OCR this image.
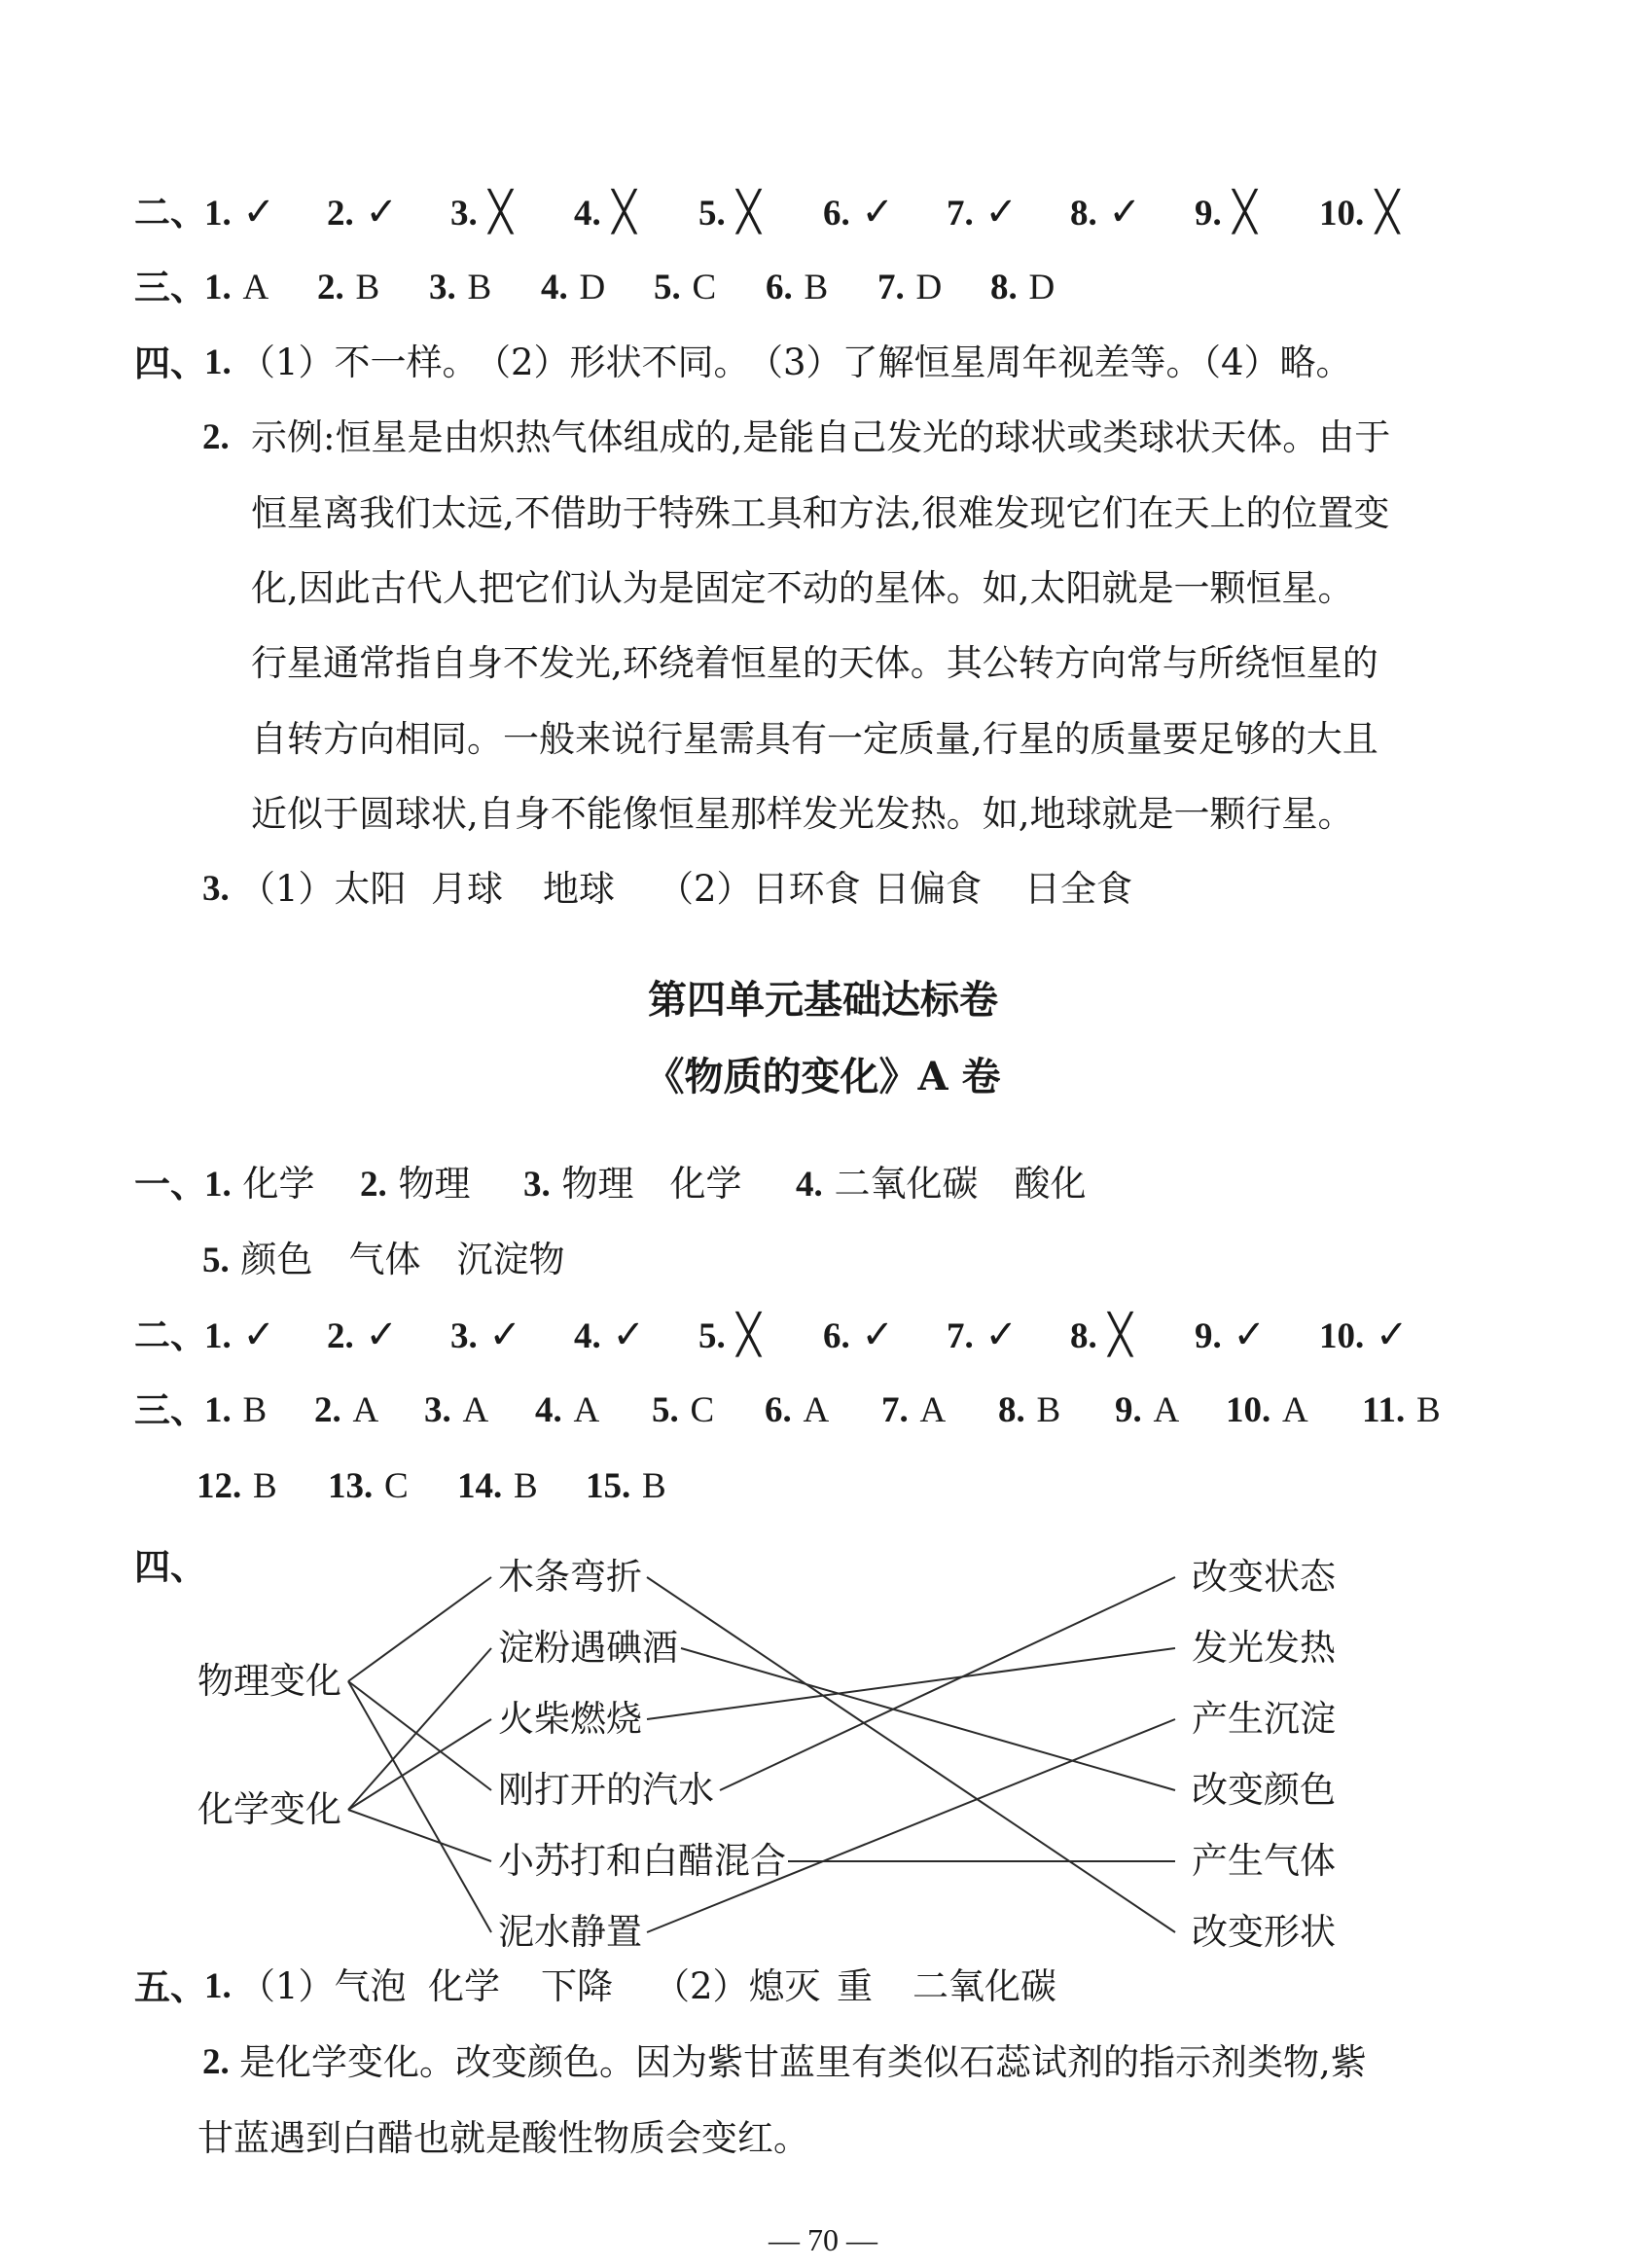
二、
1. ✓ 2. ✓ 3. ╳ 4. ╳ 5. ╳ 6. ✓ 7. ✓ 8. ✓ 9. ╳ 10. ╳
三、
1. A 2. B 3. B 4. D 5. C 6. B 7. D 8. D
四、
1. （1）不一样。
（2）形状不同。
（3）了解恒星周年视差等。
（4）略。
2. 示例:恒星是由炽热气体组成的,是能自己发光的球状或类球状天体。由于
恒星离我们太远,不借助于特殊工具和方法,很难发现它们在天上的位置变
化,因此古代人把它们认为是固定不动的星体。如,太阳就是一颗恒星。
行星通常指自身不发光,环绕着恒星的天体。其公转方向常与所绕恒星的
自转方向相同。一般来说行星需具有一定质量,行星的质量要足够的大且
近似于圆球状,自身不能像恒星那样发光发热。如,地球就是一颗行星。
3. （1）太阳 月球 地球 （2）日环食 日偏食 日全食
第四单元基础达标卷
《物质的变化》A 卷
一、
1. 化学 2. 物理 3. 物理　化学 4. 二氧化碳　酸化
5. 颜色　气体　沉淀物
二、
1. ✓ 2. ✓ 3. ✓ 4. ✓ 5. ╳ 6. ✓ 7. ✓ 8. ╳ 9. ✓ 10. ✓
三、
1. B 2. A 3. A 4. A 5. C 6. A 7. A 8. B 9. A 10. A 11. B
12. B 13. C 14. B 15. B
四、
物理变化
化学变化
木条弯折
淀粉遇碘酒
火柴燃烧
刚打开的汽水
小苏打和白醋混合
泥水静置
改变状态
发光发热
产生沉淀
改变颜色
产生气体
改变形状
五、
1. （1）气泡 化学 下降 （2）熄灭 重 二氧化碳
2. 是化学变化。改变颜色。因为紫甘蓝里有类似石蕊试剂的指示剂类物,紫
甘蓝遇到白醋也就是酸性物质会变红。
— 70 —
